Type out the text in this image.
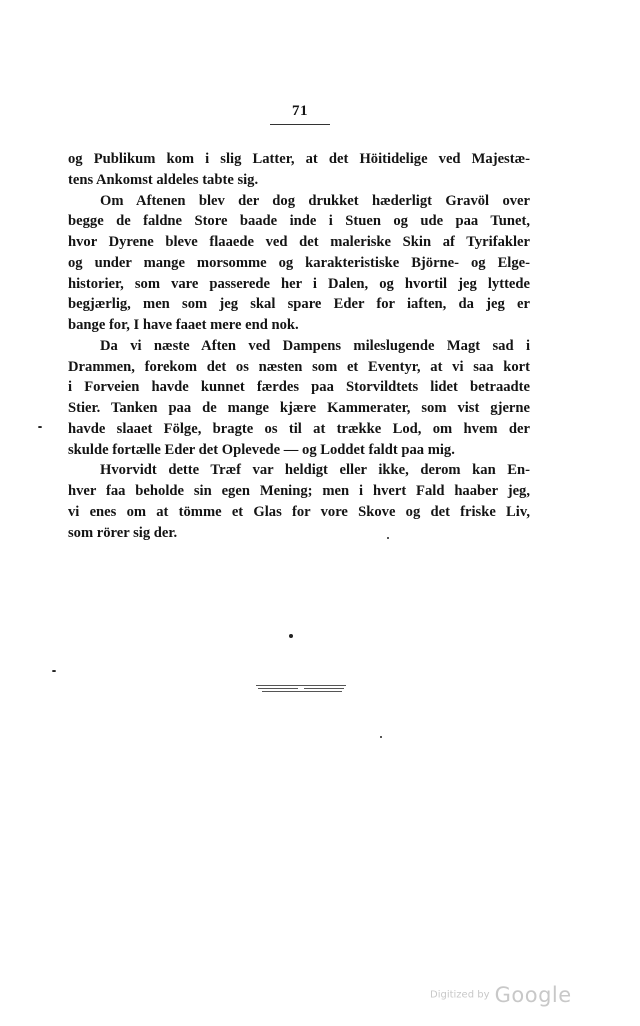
71
og Publikum kom i slig Latter, at det Höitidelige ved Majestæ-
tens Ankomst aldeles tabte sig.
Om Aftenen blev der dog drukket hæderligt Gravöl over
begge de faldne Store baade inde i Stuen og ude paa Tunet,
hvor Dyrene bleve flaaede ved det maleriske Skin af Tyrifakler
og under mange morsomme og karakteristiske Björne- og Elge-
historier, som vare passerede her i Dalen, og hvortil jeg lyttede
begjærlig, men som jeg skal spare Eder for iaften, da jeg er
bange for, I have faaet mere end nok.
Da vi næste Aften ved Dampens mileslugende Magt sad i
Drammen, forekom det os næsten som et Eventyr, at vi saa kort
i Forveien havde kunnet færdes paa Storvildtets lidet betraadte
Stier. Tanken paa de mange kjære Kammerater, som vist gjerne
havde slaaet Fölge, bragte os til at trække Lod, om hvem der
skulde fortælle Eder det Oplevede — og Loddet faldt paa mig.
Hvorvidt dette Træf var heldigt eller ikke, derom kan En-
hver faa beholde sin egen Mening; men i hvert Fald haaber jeg,
vi enes om at tömme et Glas for vore Skove og det friske Liv,
som rörer sig der.
Digitized by Google
